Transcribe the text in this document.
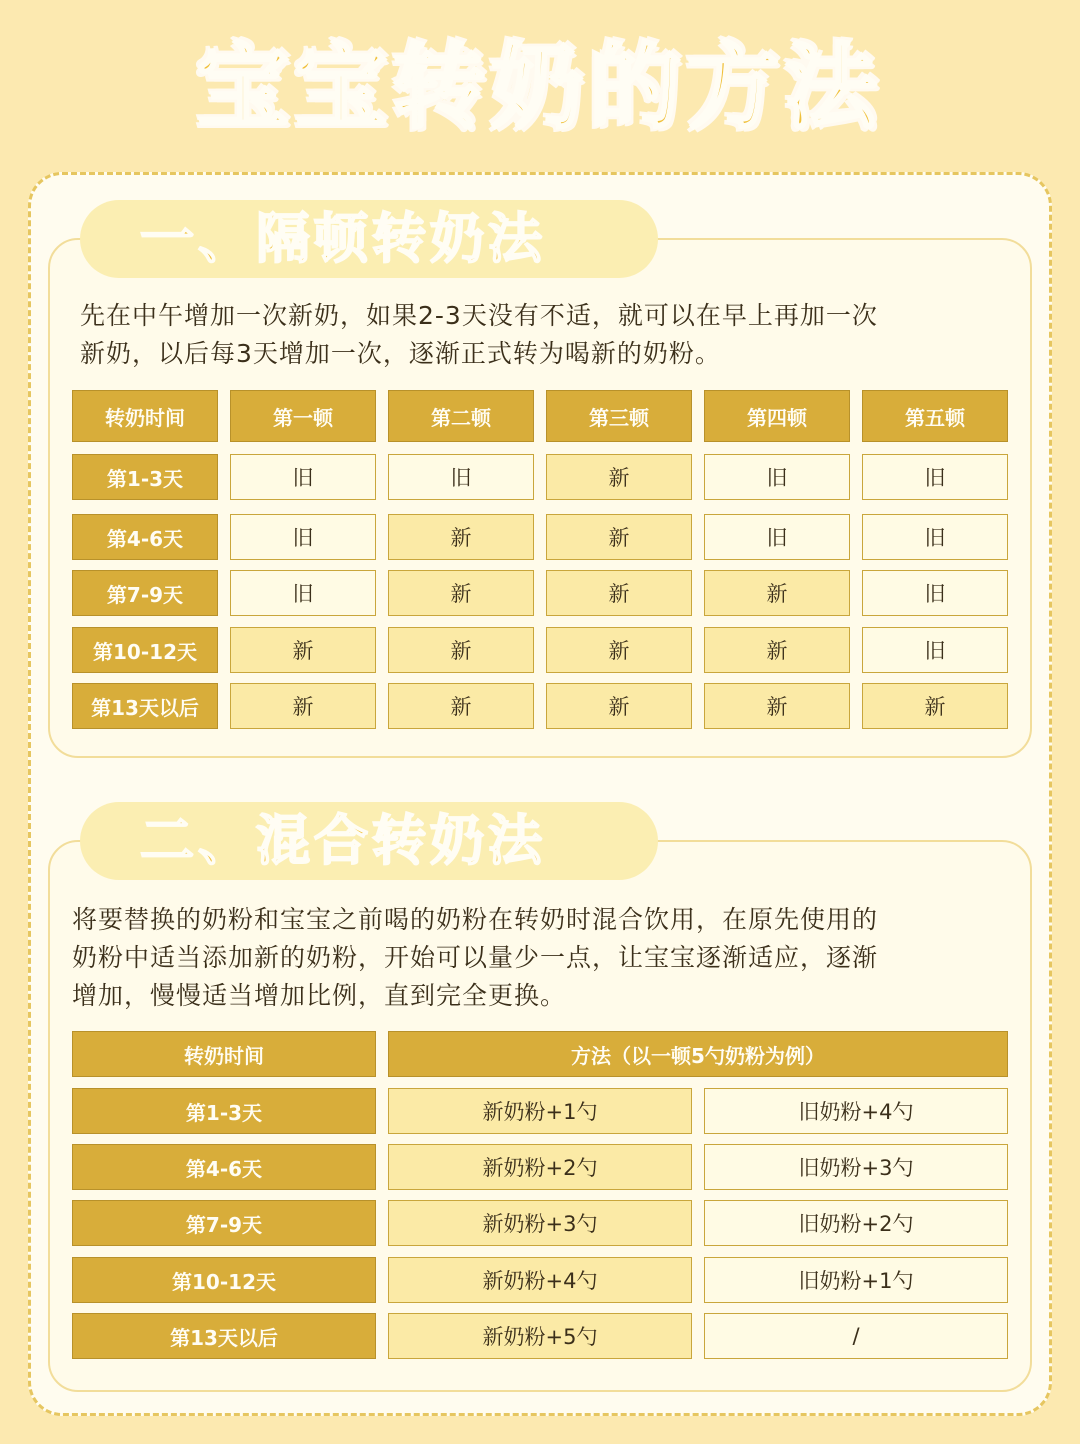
宝宝转奶的方法
一、隔顿转奶法
先在中午增加一次新奶，如果2-3天没有不适，就可以在早上再加一次
新奶，以后每3天增加一次，逐渐正式转为喝新的奶粉。
转奶时间	第一顿	第二顿	第三顿	第四顿	第五顿
第1-3天	旧	旧	新	旧	旧
第4-6天	旧	新	新	旧	旧
第7-9天	旧	新	新	新	旧
第10-12天	新	新	新	新	旧
第13天以后	新	新	新	新	新
二、混合转奶法
将要替换的奶粉和宝宝之前喝的奶粉在转奶时混合饮用，在原先使用的
奶粉中适当添加新的奶粉，开始可以量少一点，让宝宝逐渐适应，逐渐
增加，慢慢适当增加比例，直到完全更换。
转奶时间	方法（以一顿5勺奶粉为例）
第1-3天	新奶粉+1勺	旧奶粉+4勺
第4-6天	新奶粉+2勺	旧奶粉+3勺
第7-9天	新奶粉+3勺	旧奶粉+2勺
第10-12天	新奶粉+4勺	旧奶粉+1勺
第13天以后	新奶粉+5勺	/
